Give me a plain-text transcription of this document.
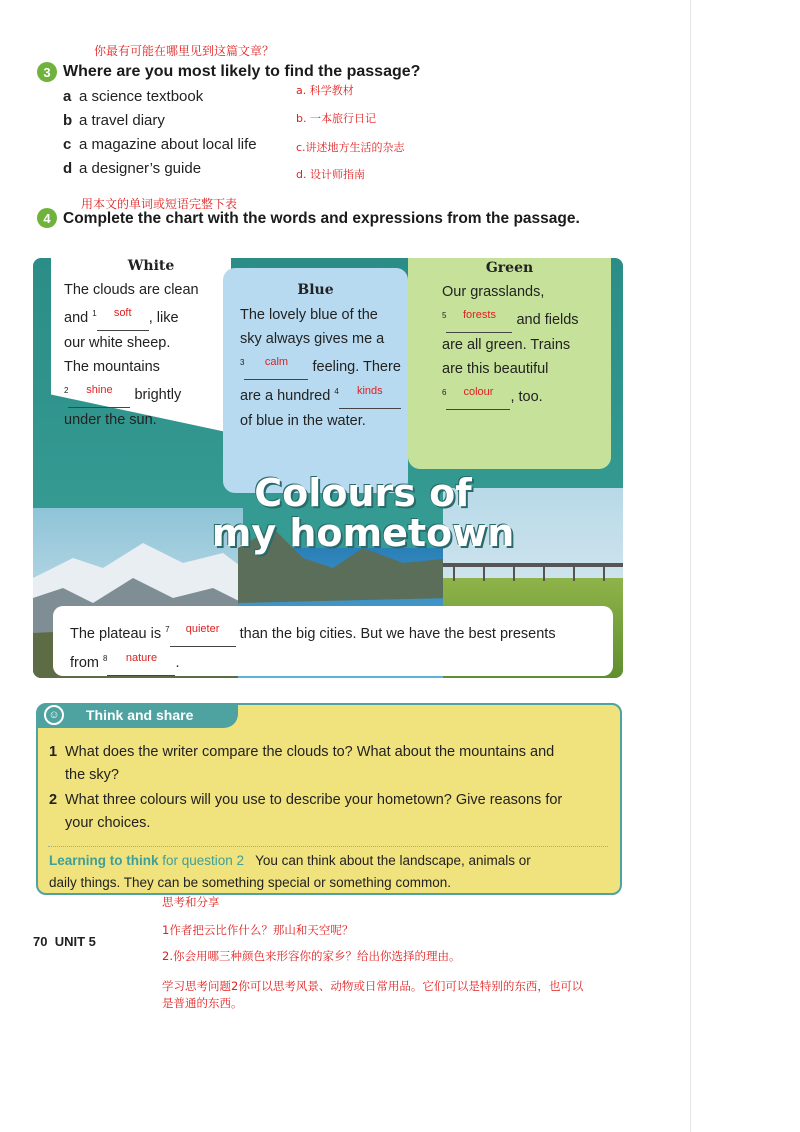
你最有可能在哪里见到这篇文章？
3 Where are you most likely to find the passage?
a a science textbook
b a travel diary
c a magazine about local life
d a designer’s guide
a. 科学教材
b. 一本旅行日记
c.讲述地方生活的杂志
d. 设计师指南
用本文的单词或短语完整下表
4 Complete the chart with the words and expressions from the passage.
White
The clouds are clean
and $^1$	soft	, like
our white sheep.
The mountains
$^2$	shine	brightly
under the sun.
Blue
The lovely blue of the
sky always gives me a
$^3$	calm	feeling. There
are a hundred $^4$	kinds

of blue in the water.
Green
Our grasslands,
$^5$	forests	and fields
are all green. Trains
are this beautiful
$^6$	colour	, too.
Colours of
my hometown
The plateau is $^7$	quieter	than the big cities. But we have the best presents
from $^8$	nature	.
☺	Think and share
1 What does the writer compare the clouds to? What about the mountains and
the sky?
2 What three colours will you use to describe your hometown? Give reasons for
your choices.
Learning to think for question 2 You can think about the landscape, animals or
daily things. They can be something special or something common.
70 UNIT 5
思考和分享
1作者把云比作什么？那山和天空呢？
2.你会用哪三种颜色来形容你的家乡？给出你选择的理由。
学习思考问题2你可以思考风景、动物或日常用品。它们可以是特别的东西，也可以
是普通的东西。
